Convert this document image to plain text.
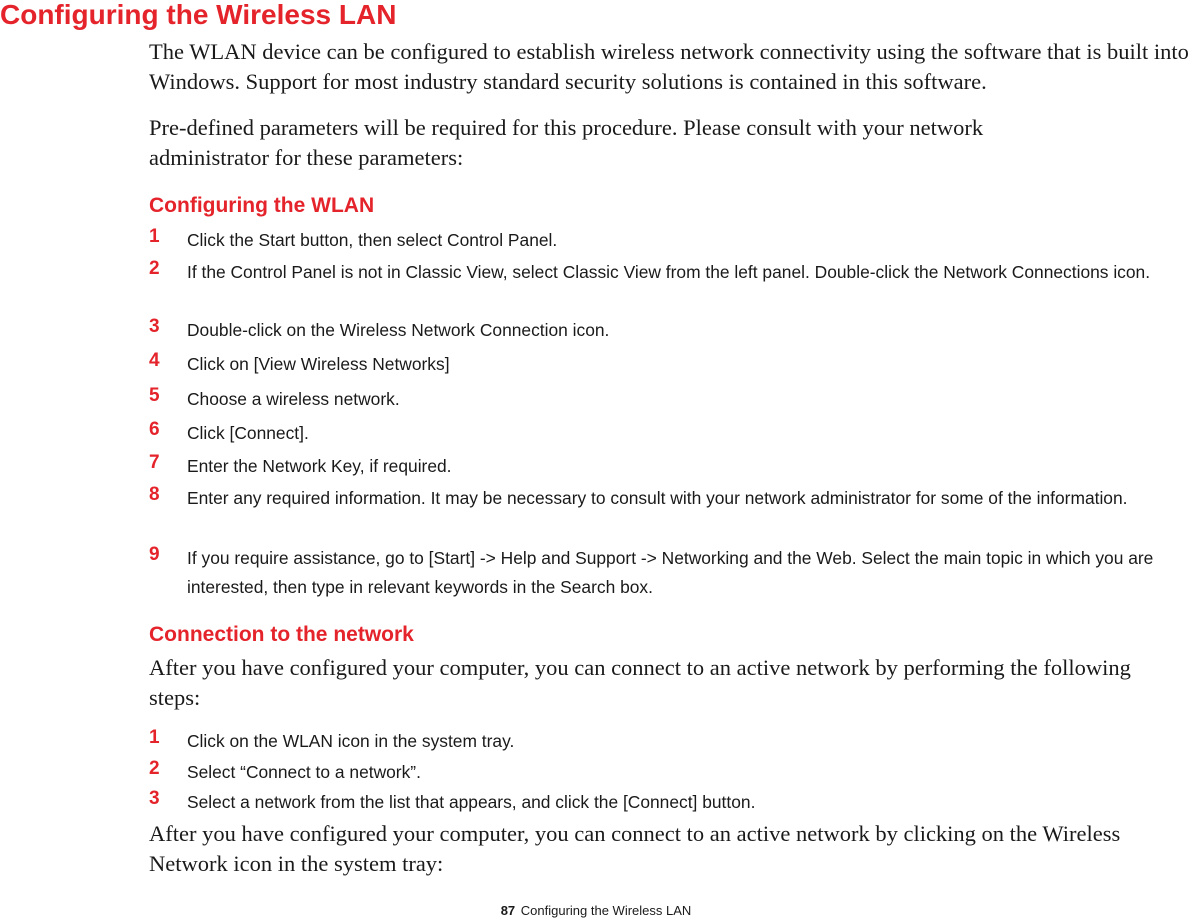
Configuring the Wireless LAN

The WLAN device can be configured to establish wireless network connectivity using the software that is built into Windows. Support for most industry standard security solutions is contained in this software.

Pre-defined parameters will be required for this procedure. Please consult with your network administrator for these parameters:

Configuring the WLAN
1 Click the Start button, then select Control Panel.

2 If the Control Panel is not in Classic View, select Classic View from the left panel. Double-click the Network Connections icon.

3 Double-click on the Wireless Network Connection icon.

4 Click on [View Wireless Networks]

5 Choose a wireless network.

6 Click [Connect].

7 Enter the Network Key, if required.

8 Enter any required information. It may be necessary to consult with your network administrator for some of the information.

9 If you require assistance, go to [Start] -> Help and Support -> Networking and the Web. Select the main topic in which you are interested, then type in relevant keywords in the Search box.

Connection to the network

After you have configured your computer, you can connect to an active network by performing the following steps:

1 Click on the WLAN icon in the system tray.

2 Select “Connect to a network”.

3 Select a network from the list that appears, and click the [Connect] button.

After you have configured your computer, you can connect to an active network by clicking on the Wireless Network icon in the system tray:

87 Configuring the Wireless LAN
